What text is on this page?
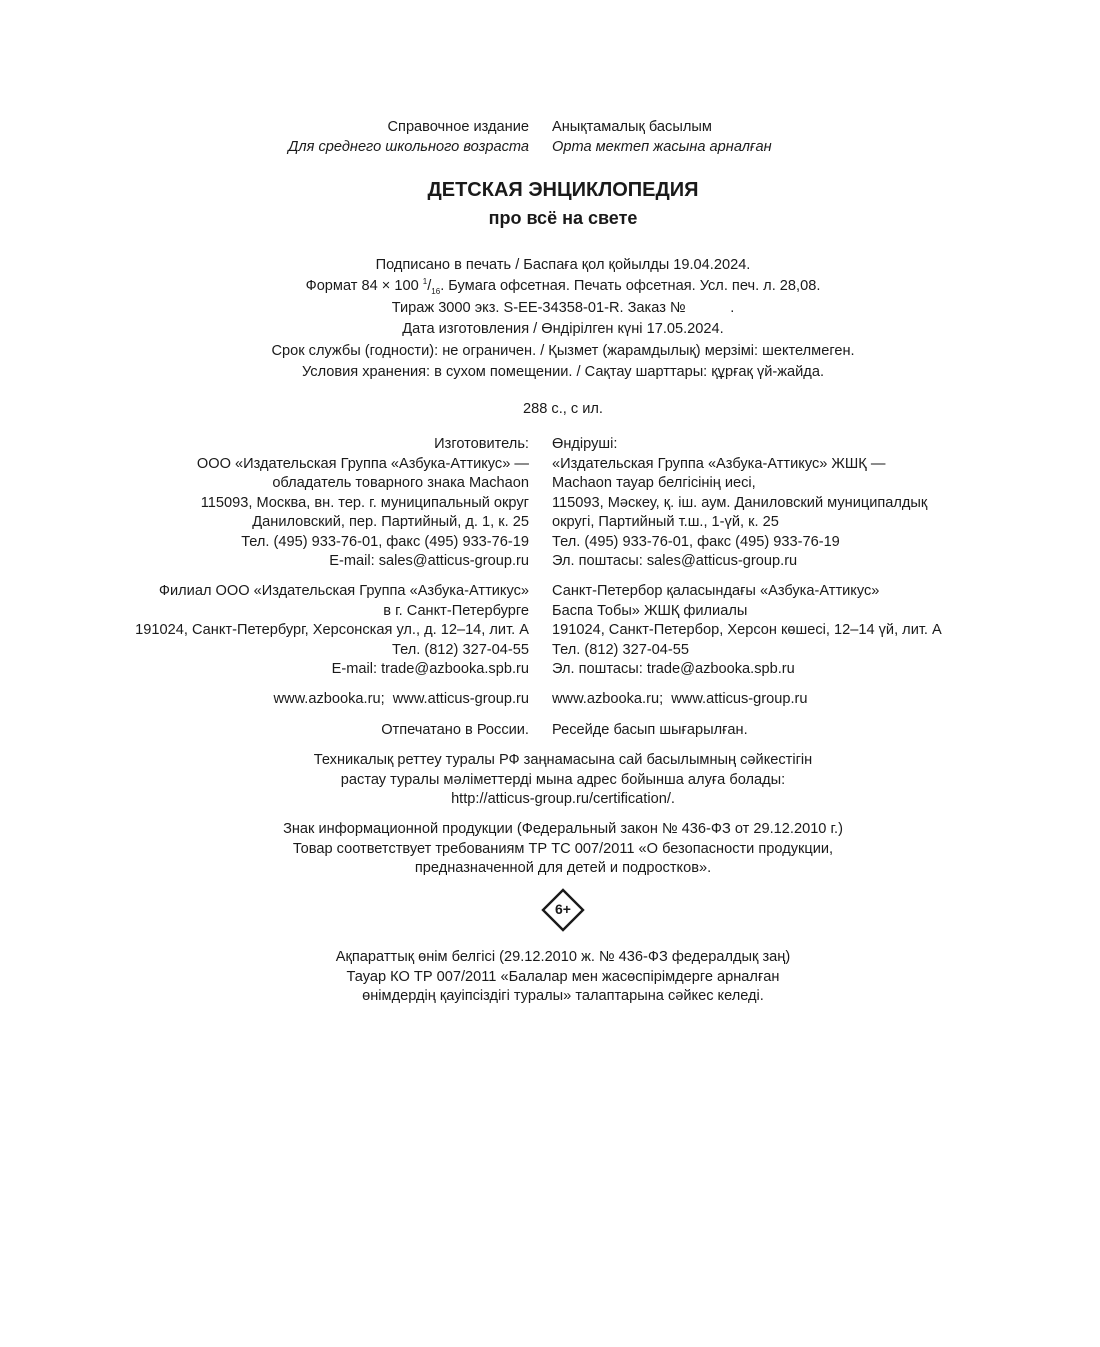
Справочное издание
Для среднего школьного возраста
Анықтамалық басылым
Орта мектеп жасына арналған
ДЕТСКАЯ ЭНЦИКЛОПЕДИЯ
про всё на свете
Подписано в печать / Баспаға қол қойылды 19.04.2024.
Формат 84 × 100 $^1/_{16}$. Бумага офсетная. Печать офсетная. Усл. печ. л. 28,08.
Тираж 3000 экз. S-EE-34358-01-R. Заказ №           .
Дата изготовления / Өндірілген күні 17.05.2024.
Срок службы (годности): не ограничен. / Қызмет (жарамдылық) мерзімі: шектелмеген.
Условия хранения: в сухом помещении. / Сақтау шарттары: құрғақ үй-жайда.
288 с., с ил.
Изготовитель:
ООО «Издательская Группа «Азбука-Аттикус» —
обладатель товарного знака Machaon
115093, Москва, вн. тер. г. муниципальный округ
Даниловский, пер. Партийный, д. 1, к. 25
Тел. (495) 933-76-01, факс (495) 933-76-19
E-mail: sales@atticus-group.ru
Өндіруші:
«Издательская Группа «Азбука-Аттикус» ЖШҚ —
Machaon тауар белгісінің иесі,
115093, Мәскеу, қ. іш. аум. Даниловский муниципалдық
округі, Партийный т.ш., 1-үй, к. 25
Тел. (495) 933-76-01, факс (495) 933-76-19
Эл. поштасы: sales@atticus-group.ru
Филиал ООО «Издательская Группа «Азбука-Аттикус»
в г. Санкт-Петербурге
191024, Санкт-Петербург, Херсонская ул., д. 12–14, лит. А
Тел. (812) 327-04-55
E-mail: trade@azbooka.spb.ru
Санкт-Петербор қаласындағы «Азбука-Аттикус»
Баспа Тобы» ЖШҚ филиалы
191024, Санкт-Петербор, Херсон көшесі, 12–14 үй, лит. А
Тел. (812) 327-04-55
Эл. поштасы: trade@azbooka.spb.ru
www.azbooka.ru;  www.atticus-group.ru www.azbooka.ru;  www.atticus-group.ru
Отпечатано в России. Ресейде басып шығарылған.
Техникалық реттеу туралы РФ заңнамасына сай басылымның сәйкестігін
растау туралы мәліметтерді мына адрес бойынша алуға болады:
http://atticus-group.ru/certification/.
Знак информационной продукции (Федеральный закон № 436-ФЗ от 29.12.2010 г.)
Товар соответствует требованиям ТР ТС 007/2011 «О безопасности продукции,
предназначенной для детей и подростков».
6+
Ақпараттық өнім белгісі (29.12.2010 ж. № 436-ФЗ федералдық заң)
Тауар КО ТР 007/2011 «Балалар мен жасөспірімдерге арналған
өнімдердің қауіпсіздігі туралы» талаптарына сәйкес келеді.
